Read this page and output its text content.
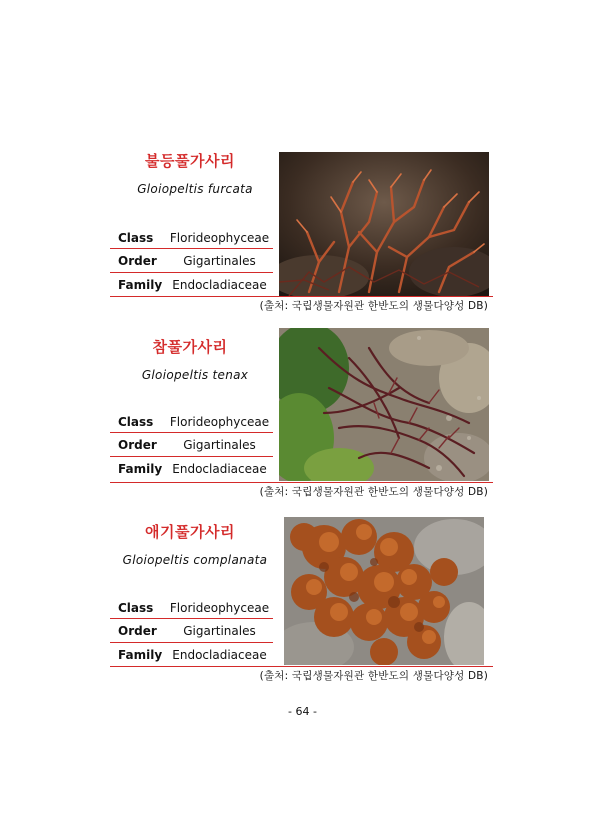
불등풀가사리
Gloiopeltis furcata
Class	Florideophyceae
Order	Gigartinales
Family Endocladiaceae
(출처: 국립생물자원관 한반도의 생물다양성 DB)
참풀가사리
Gloiopeltis tenax
Class	Florideophyceae
Order	Gigartinales
Family Endocladiaceae
(출처: 국립생물자원관 한반도의 생물다양성 DB)
애기풀가사리
Gloiopeltis complanata
Class	Florideophyceae
Order	Gigartinales
Family Endocladiaceae
(출처: 국립생물자원관 한반도의 생물다양성 DB)
- 64 -
